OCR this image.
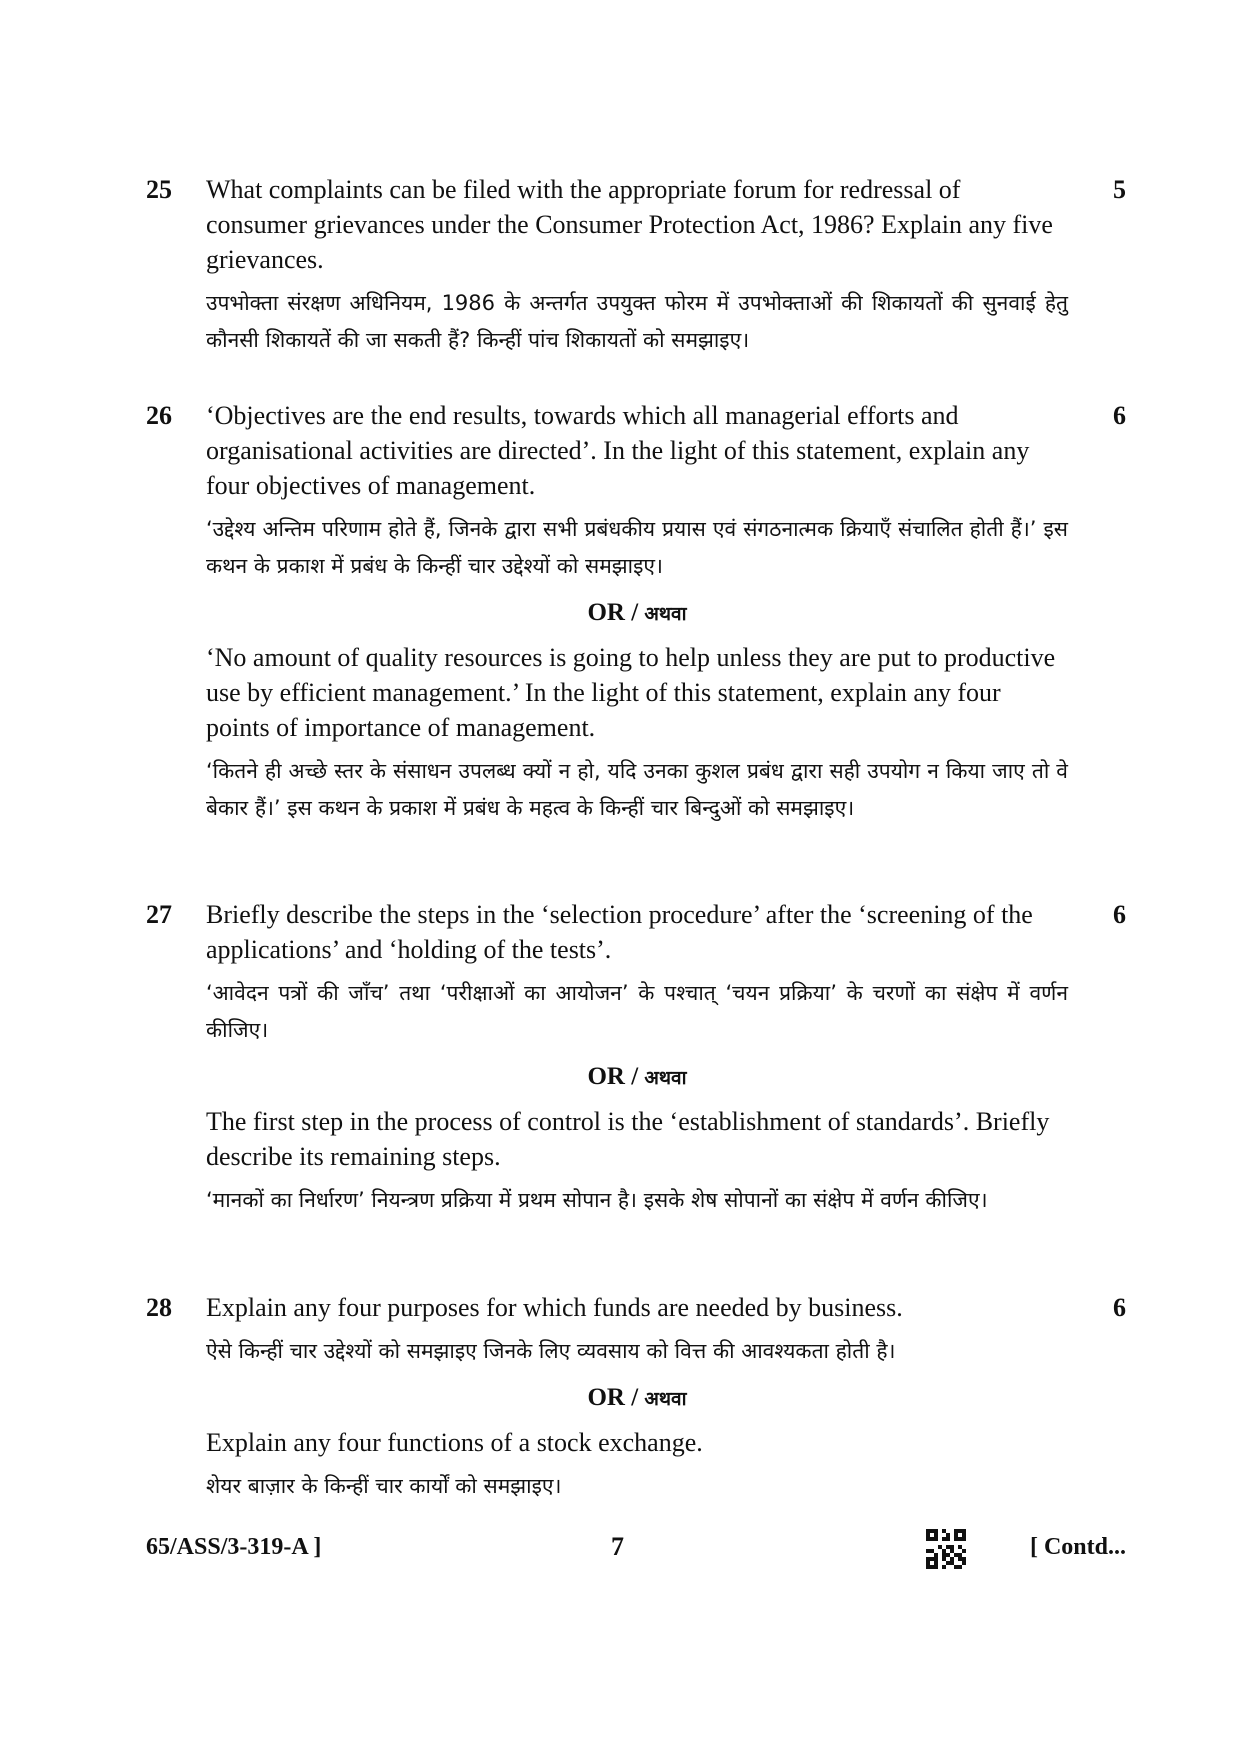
25	5

What complaints can be filed with the appropriate forum for redressal of consumer grievances under the Consumer Protection Act, 1986? Explain any five grievances.

उपभोक्ता संरक्षण अधिनियम, 1986 के अन्तर्गत उपयुक्त फोरम में उपभोक्ताओं की शिकायतों की सुनवाई हेतु कौनसी शिकायतें की जा सकती हैं? किन्हीं पांच शिकायतों को समझाइए।

26	6

‘Objectives are the end results, towards which all managerial efforts and organisational activities are directed’. In the light of this statement, explain any four objectives of management.

‘उद्देश्य अन्तिम परिणाम होते हैं, जिनके द्वारा सभी प्रबंधकीय प्रयास एवं संगठनात्मक क्रियाएँ संचालित होती हैं।’ इस कथन के प्रकाश में प्रबंध के किन्हीं चार उद्देश्यों को समझाइए।

OR / अथवा

‘No amount of quality resources is going to help unless they are put to productive use by efficient management.’ In the light of this statement, explain any four points of importance of management.

‘कितने ही अच्छे स्तर के संसाधन उपलब्ध क्यों न हो, यदि उनका कुशल प्रबंध द्वारा सही उपयोग न किया जाए तो वे बेकार हैं।’ इस कथन के प्रकाश में प्रबंध के महत्व के किन्हीं चार बिन्दुओं को समझाइए।

27	6

Briefly describe the steps in the ‘selection procedure’ after the ‘screening of the applications’ and ‘holding of the tests’.

‘आवेदन पत्रों की जाँच’ तथा ‘परीक्षाओं का आयोजन’ के पश्चात् ‘चयन प्रक्रिया’ के चरणों का संक्षेप में वर्णन कीजिए।

OR / अथवा

The first step in the process of control is the ‘establishment of standards’. Briefly describe its remaining steps.

‘मानकों का निर्धारण’ नियन्त्रण प्रक्रिया में प्रथम सोपान है। इसके शेष सोपानों का संक्षेप में वर्णन कीजिए।

28	6

Explain any four purposes for which funds are needed by business.

ऐसे किन्हीं चार उद्देश्यों को समझाइए जिनके लिए व्यवसाय को वित्त की आवश्यकता होती है।

OR / अथवा

Explain any four functions of a stock exchange.

शेयर बाज़ार के किन्हीं चार कार्यों को समझाइए।

65/ASS/3-319-A ]	7	[ Contd...
